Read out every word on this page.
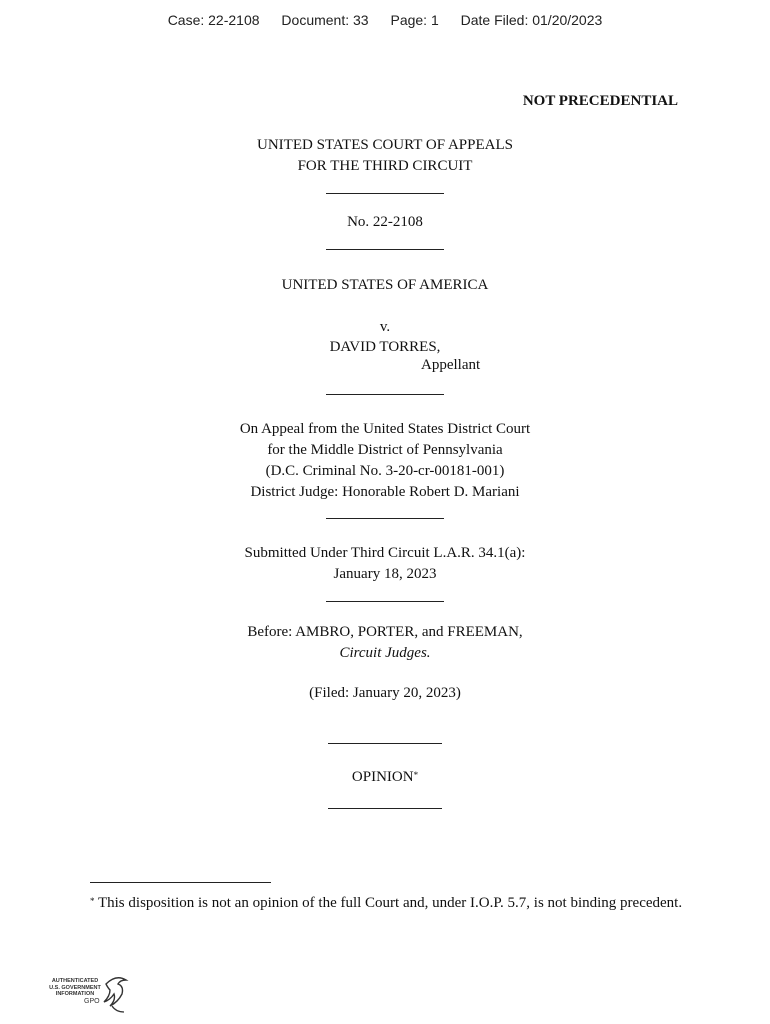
Case: 22-2108 Document: 33 Page: 1 Date Filed: 01/20/2023
NOT PRECEDENTIAL
UNITED STATES COURT OF APPEALS
FOR THE THIRD CIRCUIT
No. 22-2108
UNITED STATES OF AMERICA
v.
DAVID TORRES,
Appellant
On Appeal from the United States District Court
for the Middle District of Pennsylvania
(D.C. Criminal No. 3-20-cr-00181-001)
District Judge: Honorable Robert D. Mariani
Submitted Under Third Circuit L.A.R. 34.1(a):
January 18, 2023
Before: AMBRO, PORTER, and FREEMAN,
Circuit Judges.
(Filed: January 20, 2023)
OPINION*
* This disposition is not an opinion of the full Court and, under I.O.P. 5.7, is not binding precedent.
AUTHENTICATED
U.S. GOVERNMENT
INFORMATION
GPO
